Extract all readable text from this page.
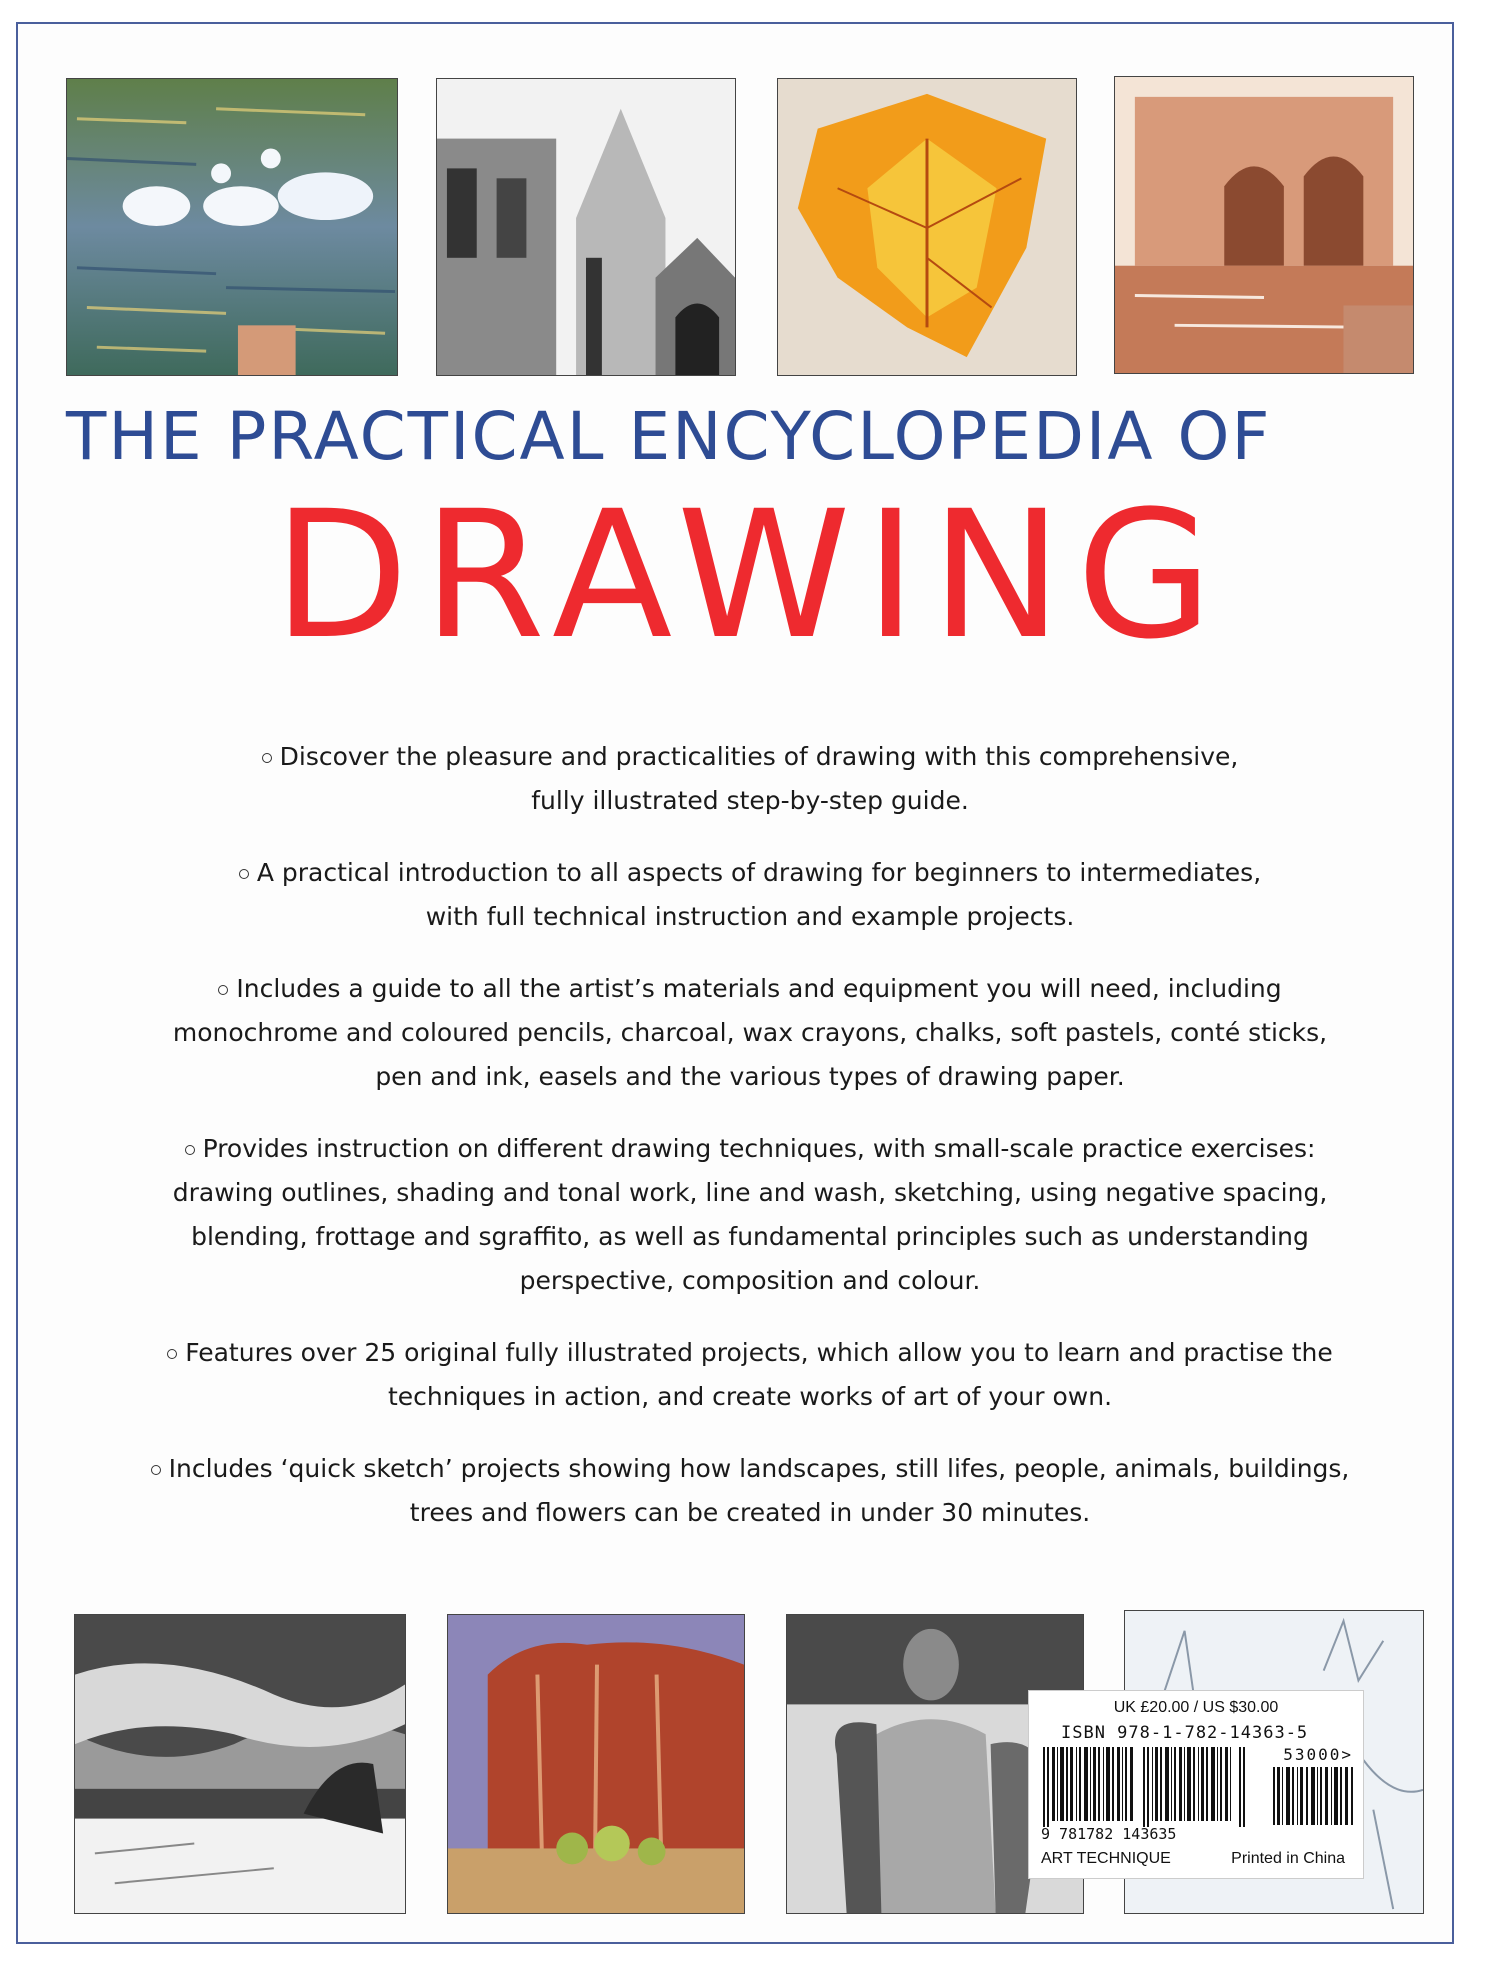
THE PRACTICAL ENCYCLOPEDIA OF
DRAWING
Discover the pleasure and practicalities of drawing with this comprehensive,
fully illustrated step-by-step guide.
A practical introduction to all aspects of drawing for beginners to intermediates,
with full technical instruction and example projects.
Includes a guide to all the artist’s materials and equipment you will need, including
monochrome and coloured pencils, charcoal, wax crayons, chalks, soft pastels, conté sticks,
pen and ink, easels and the various types of drawing paper.
Provides instruction on different drawing techniques, with small-scale practice exercises:
drawing outlines, shading and tonal work, line and wash, sketching, using negative spacing,
blending, frottage and sgraffito, as well as fundamental principles such as understanding
perspective, composition and colour.
Features over 25 original fully illustrated projects, which allow you to learn and practise the
techniques in action, and create works of art of your own.
Includes ‘quick sketch’ projects showing how landscapes, still lifes, people, animals, buildings,
trees and flowers can be created in under 30 minutes.
UK £20.00 / US $30.00
ISBN 978-1-782-14363-5
53000>
9 781782 143635
ART TECHNIQUE	Printed in China
